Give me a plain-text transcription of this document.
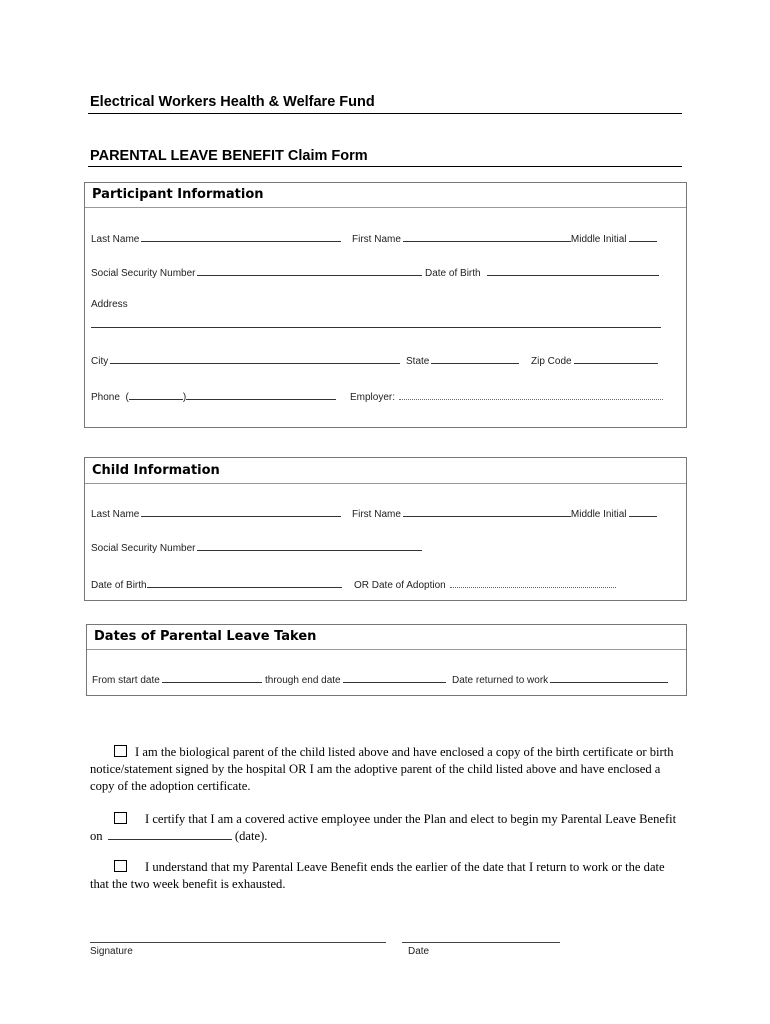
Electrical Workers Health & Welfare Fund
PARENTAL LEAVE BENEFIT Claim Form
Participant Information
Last Name	First Name	Middle Initial
Social Security Number	Date of Birth
Address
City	State	Zip Code
Phone (	)	Employer:
Child Information
Last Name	First Name	Middle Initial
Social Security Number
Date of Birth	OR Date of Adoption
Dates of Parental Leave Taken
From start date	through end date	Date returned to work
I am the biological parent of the child listed above and have enclosed a copy of the birth certificate or birth notice/statement signed by the hospital OR I am the adoptive parent of the child listed above and have enclosed a copy of the adoption certificate.
I certify that I am a covered active employee under the Plan and elect to begin my Parental Leave Benefit on	(date).
I understand that my Parental Leave Benefit ends the earlier of the date that I return to work or the date that the two week benefit is exhausted.
Signature	Date
